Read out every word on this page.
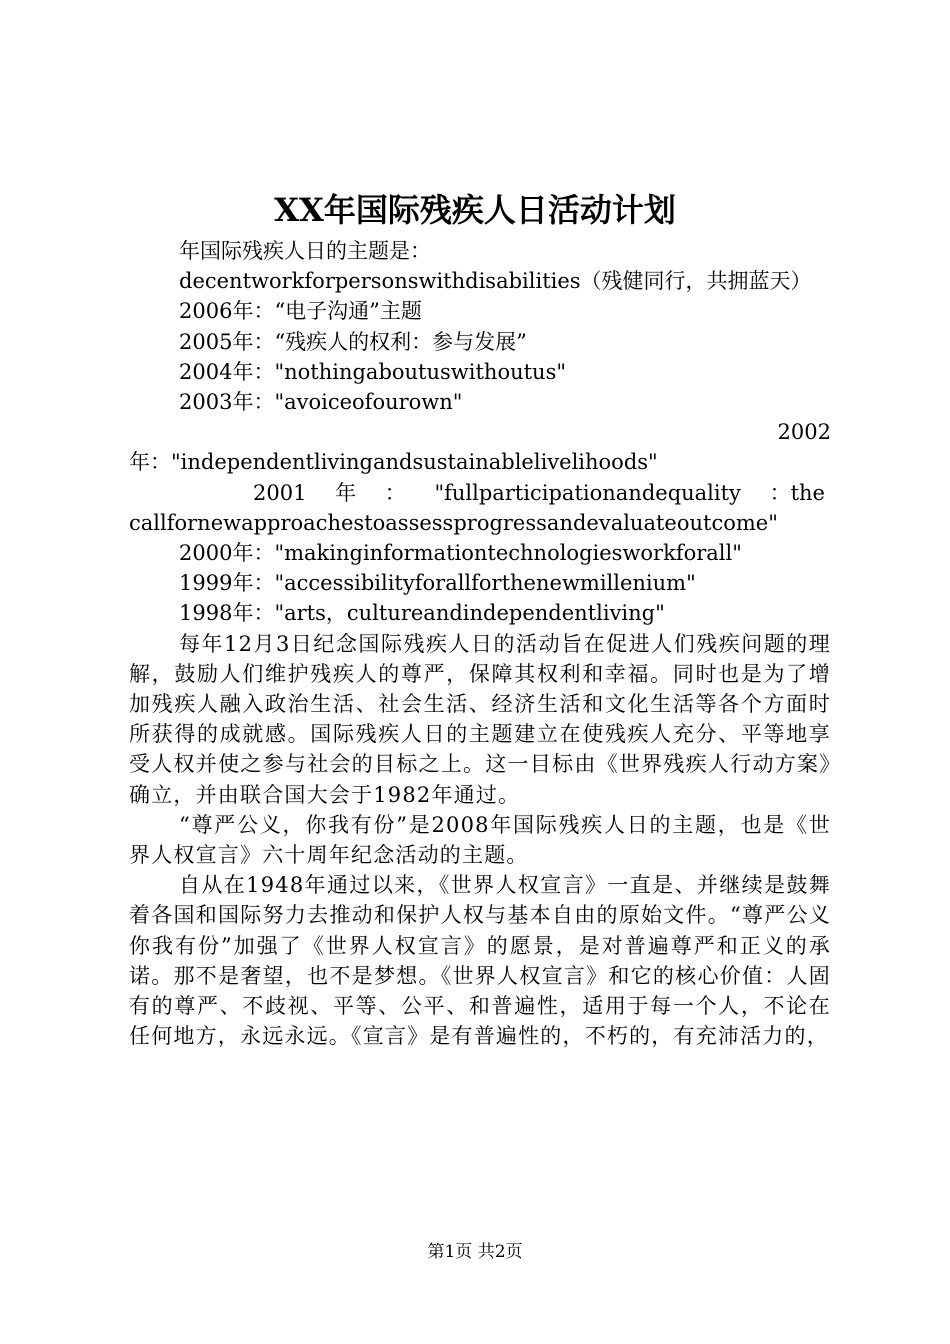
XX年国际残疾人日活动计划

年国际残疾人日的主题是：

decentworkforpersonswithdisabilities（残健同行，共拥蓝天）

2006年：“电子沟通”主题

2005年：“残疾人的权利：参与发展”

2004年："nothingaboutuswithoutus"

2003年："avoiceofourown"

2002

年："independentlivingandsustainablelivelihoods"

2001 年 ： "fullparticipationandequality ：thecallfornewapproachestoassessprogressandevaluateoutcome"

2000年："makinginformationtechnologiesworkforall"

1999年："accessibilityforallforthenewmillenium"

1998年："arts，cultureandindependentliving"

每年12月3日纪念国际残疾人日的活动旨在促进人们残疾问题的理解，鼓励人们维护残疾人的尊严，保障其权利和幸福。同时也是为了增加残疾人融入政治生活、社会生活、经济生活和文化生活等各个方面时所获得的成就感。国际残疾人日的主题建立在使残疾人充分、平等地享受人权并使之参与社会的目标之上。这一目标由《世界残疾人行动方案》确立，并由联合国大会于1982年通过。

“尊严公义，你我有份”是2008年国际残疾人日的主题，也是《世界人权宣言》六十周年纪念活动的主题。

自从在1948年通过以来，《世界人权宣言》一直是、并继续是鼓舞着各国和国际努力去推动和保护人权与基本自由的原始文件。“尊严公义你我有份”加强了《世界人权宣言》的愿景，是对普遍尊严和正义的承诺。那不是奢望，也不是梦想。《世界人权宣言》和它的核心价值：人固有的尊严、不歧视、平等、公平、和普遍性，适用于每一个人，不论在任何地方，永远永远。《宣言》是有普遍性的，不朽的，有充沛活力的，

第1页 共2页
